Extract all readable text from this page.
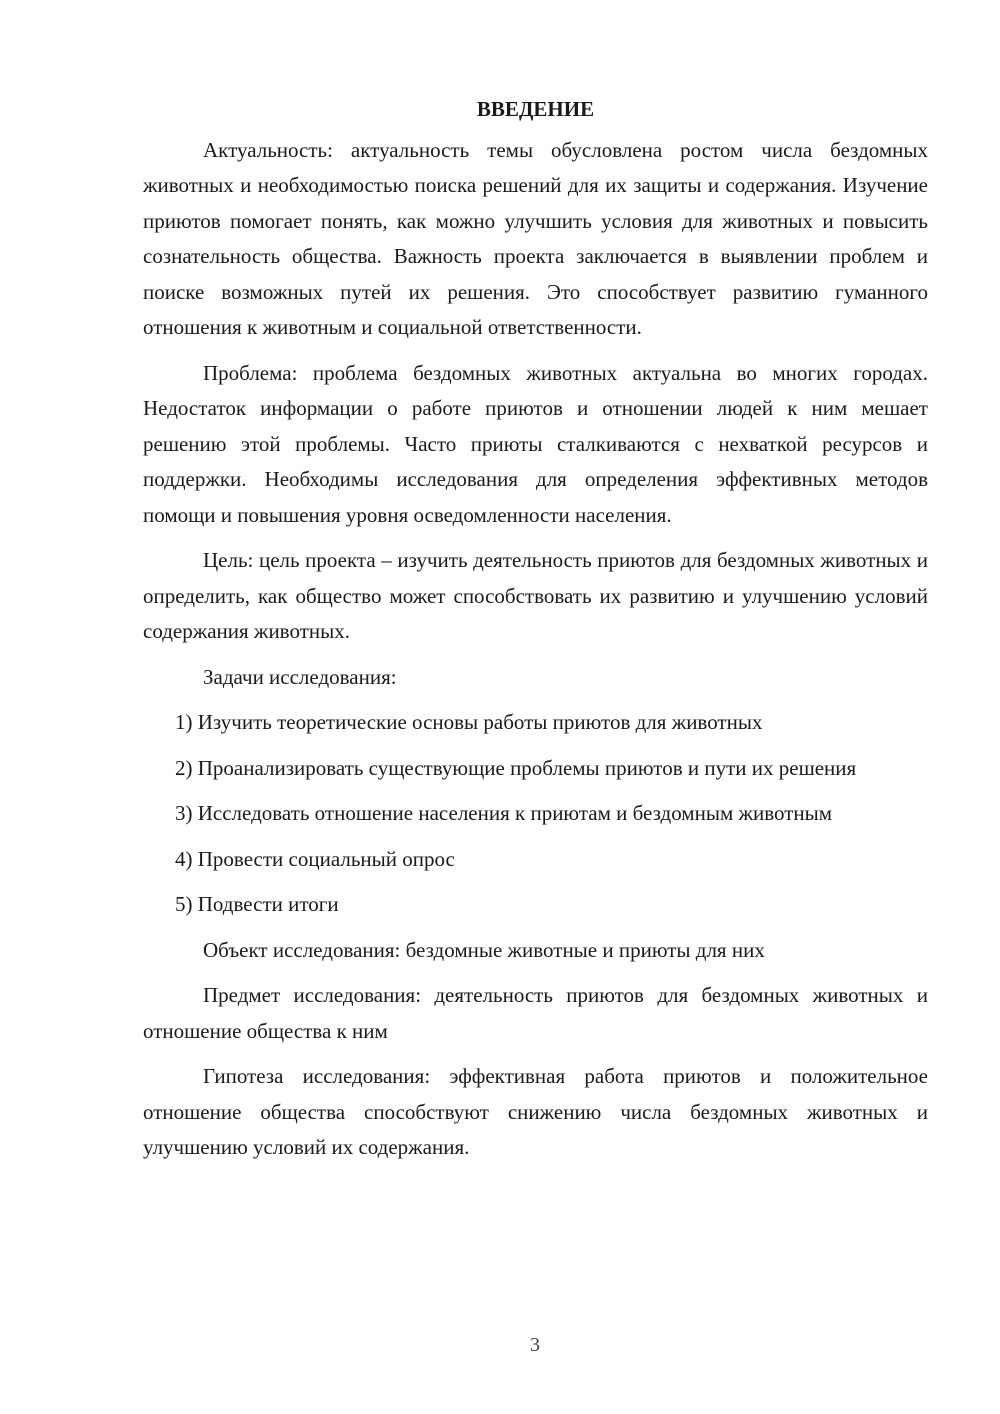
ВВЕДЕНИЕ

Актуальность: актуальность темы обусловлена ростом числа бездомных животных и необходимостью поиска решений для их защиты и содержания. Изучение приютов помогает понять, как можно улучшить условия для животных и повысить сознательность общества. Важность проекта заключается в выявлении проблем и поиске возможных путей их решения. Это способствует развитию гуманного отношения к животным и социальной ответственности.

Проблема: проблема бездомных животных актуальна во многих городах. Недостаток информации о работе приютов и отношении людей к ним мешает решению этой проблемы. Часто приюты сталкиваются с нехваткой ресурсов и поддержки. Необходимы исследования для определения эффективных методов помощи и повышения уровня осведомленности населения.

Цель: цель проекта – изучить деятельность приютов для бездомных животных и определить, как общество может способствовать их развитию и улучшению условий содержания животных.

Задачи исследования:

1) Изучить теоретические основы работы приютов для животных

2) Проанализировать существующие проблемы приютов и пути их решения

3) Исследовать отношение населения к приютам и бездомным животным

4) Провести социальный опрос

5) Подвести итоги

Объект исследования: бездомные животные и приюты для них

Предмет исследования: деятельность приютов для бездомных животных и отношение общества к ним

Гипотеза исследования: эффективная работа приютов и положительное отношение общества способствуют снижению числа бездомных животных и улучшению условий их содержания.

3
